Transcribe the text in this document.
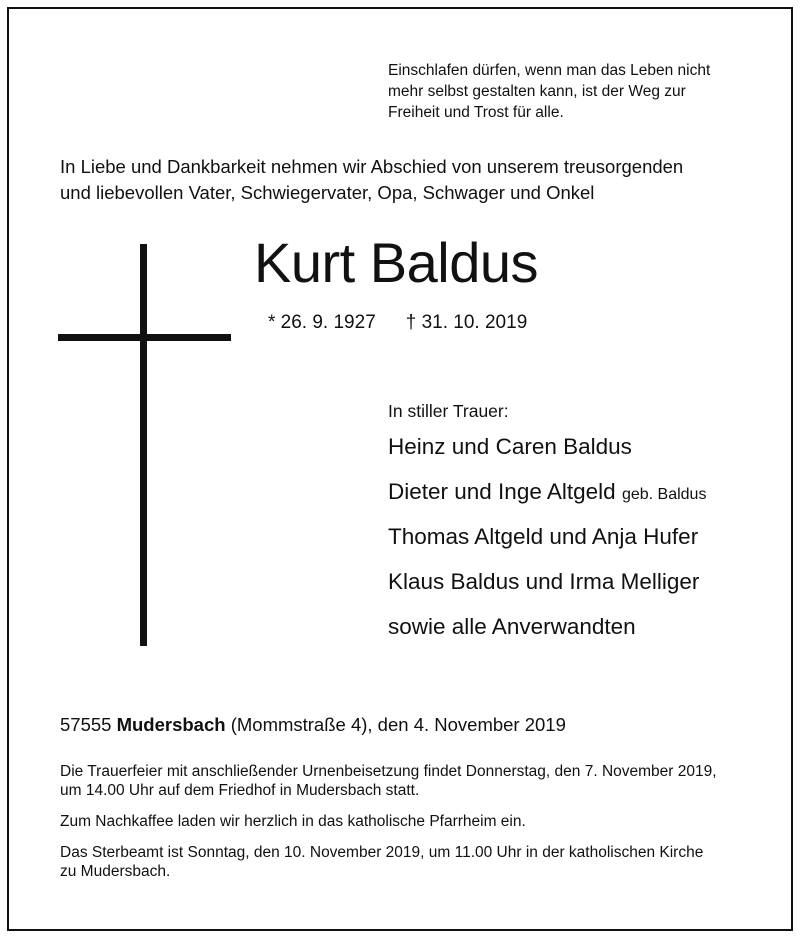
Einschlafen dürfen, wenn man das Leben nicht
mehr selbst gestalten kann, ist der Weg zur
Freiheit und Trost für alle.
In Liebe und Dankbarkeit nehmen wir Abschied von unserem treusorgenden
und liebevollen Vater, Schwiegervater, Opa, Schwager und Onkel
Kurt Baldus
* 26. 9. 1927 † 31. 10. 2019
In stiller Trauer:
Heinz und Caren Baldus
Dieter und Inge Altgeld geb. Baldus
Thomas Altgeld und Anja Hufer
Klaus Baldus und Irma Melliger
sowie alle Anverwandten
57555 Mudersbach (Mommstraße 4), den 4. November 2019
Die Trauerfeier mit anschließender Urnenbeisetzung findet Donnerstag, den 7. November 2019,
um 14.00 Uhr auf dem Friedhof in Mudersbach statt.
Zum Nachkaffee laden wir herzlich in das katholische Pfarrheim ein.
Das Sterbeamt ist Sonntag, den 10. November 2019, um 11.00 Uhr in der katholischen Kirche
zu Mudersbach.
